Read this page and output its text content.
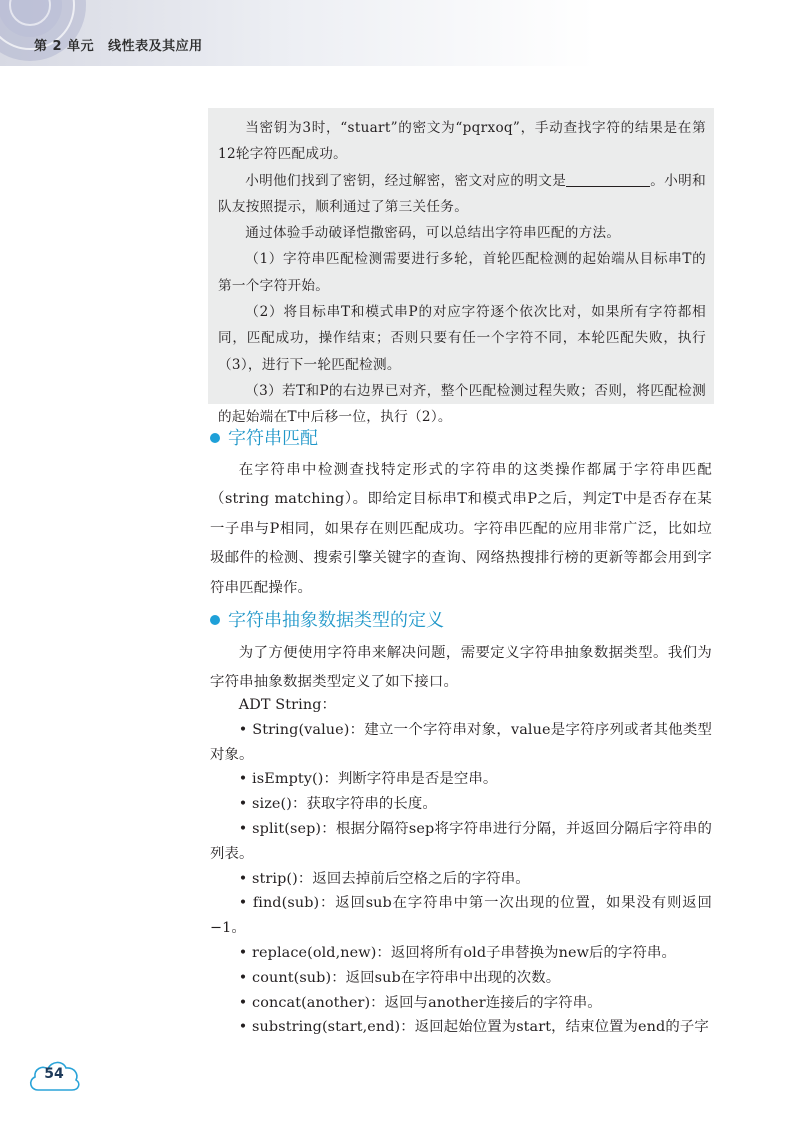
第 2 单元 线性表及其应用

当密钥为3时，“stuart”的密文为“pqrxoq”，手动查找字符的结果是在第12轮字符匹配成功。

小明他们找到了密钥，经过解密，密文对应的明文是	。小明和队友按照提示，顺利通过了第三关任务。

通过体验手动破译恺撒密码，可以总结出字符串匹配的方法。

（1）字符串匹配检测需要进行多轮，首轮匹配检测的起始端从目标串T的第一个字符开始。

（2）将目标串T和模式串P的对应字符逐个依次比对，如果所有字符都相同，匹配成功，操作结束；否则只要有任一个字符不同，本轮匹配失败，执行（3），进行下一轮匹配检测。

（3）若T和P的右边界已对齐，整个匹配检测过程失败；否则，将匹配检测的起始端在T中后移一位，执行（2）。

字符串匹配

在字符串中检测查找特定形式的字符串的这类操作都属于字符串匹配（string matching）。即给定目标串T和模式串P之后，判定T中是否存在某一子串与P相同，如果存在则匹配成功。字符串匹配的应用非常广泛，比如垃圾邮件的检测、搜索引擎关键字的查询、网络热搜排行榜的更新等都会用到字符串匹配操作。

字符串抽象数据类型的定义

为了方便使用字符串来解决问题，需要定义字符串抽象数据类型。我们为字符串抽象数据类型定义了如下接口。

ADT String：

• String(value)：建立一个字符串对象，value是字符序列或者其他类型对象。

• isEmpty()：判断字符串是否是空串。

• size()：获取字符串的长度。

• split(sep)：根据分隔符sep将字符串进行分隔，并返回分隔后字符串的列表。

• strip()：返回去掉前后空格之后的字符串。

• find(sub)：返回sub在字符串中第一次出现的位置，如果没有则返回−1。

• replace(old,new)：返回将所有old子串替换为new后的字符串。

• count(sub)：返回sub在字符串中出现的次数。

• concat(another)：返回与another连接后的字符串。

• substring(start,end)：返回起始位置为start，结束位置为end的子字

54
